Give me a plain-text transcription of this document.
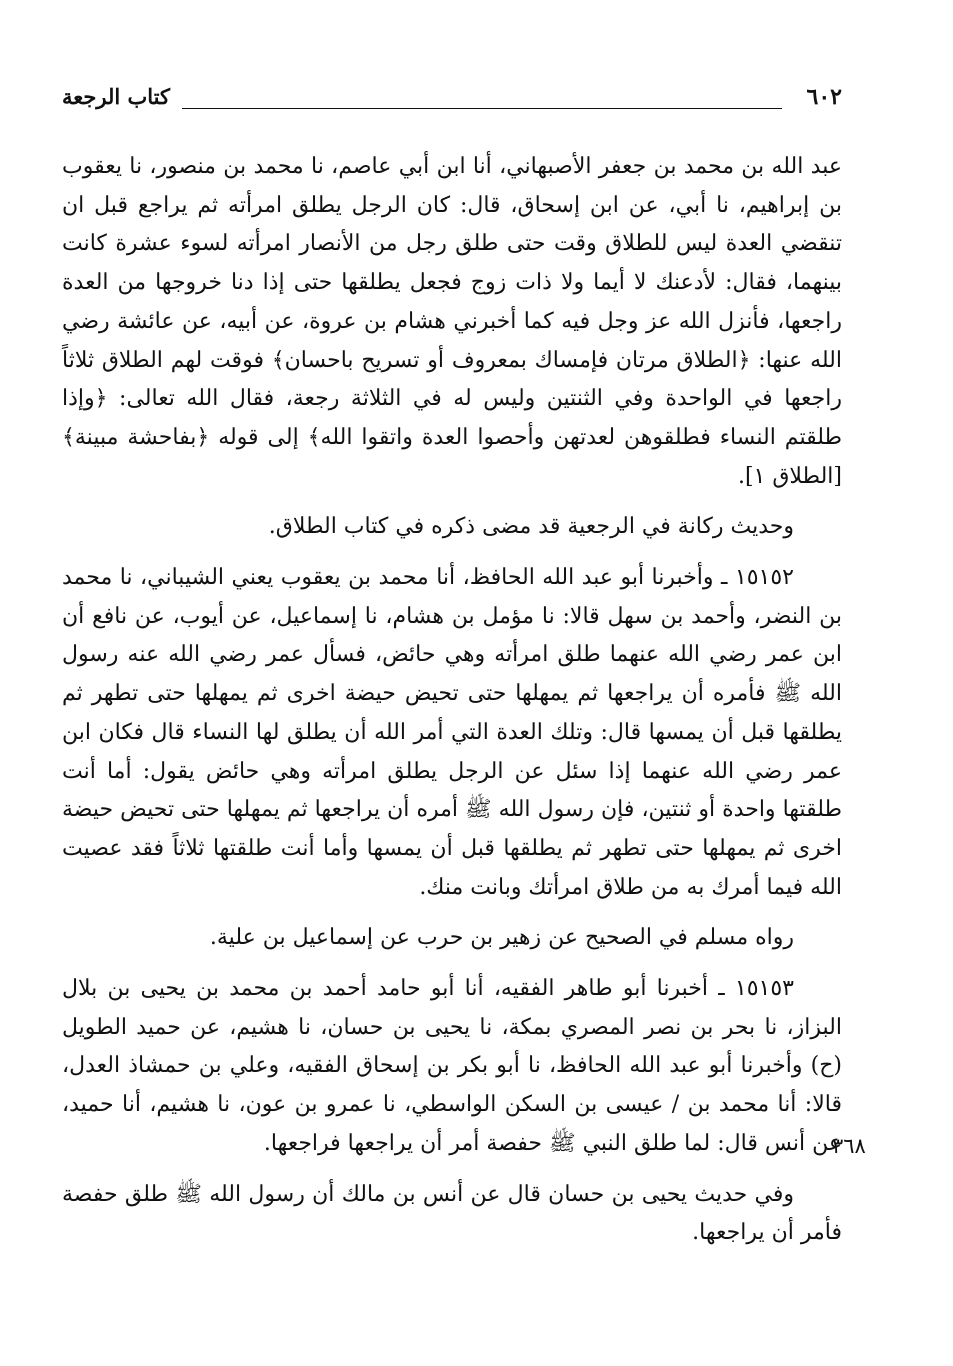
٦٠٢
كتاب الرجعة

عبد الله بن محمد بن جعفر الأصبهاني، أنا ابن أبي عاصم، نا محمد بن منصور، نا يعقوب بن إبراهيم، نا أبي، عن ابن إسحاق، قال: كان الرجل يطلق امرأته ثم يراجع قبل ان تنقضي العدة ليس للطلاق وقت حتى طلق رجل من الأنصار امرأته لسوء عشرة كانت بينهما، فقال: لأدعنك لا أيما ولا ذات زوج فجعل يطلقها حتى إذا دنا خروجها من العدة راجعها، فأنزل الله عز وجل فيه كما أخبرني هشام بن عروة، عن أبيه، عن عائشة رضي الله عنها: ﴿الطلاق مرتان فإمساك بمعروف أو تسريح باحسان﴾ فوقت لهم الطلاق ثلاثاً راجعها في الواحدة وفي الثنتين وليس له في الثلاثة رجعة، فقال الله تعالى: ﴿وإذا طلقتم النساء فطلقوهن لعدتهن وأحصوا العدة واتقوا الله﴾ إلى قوله ﴿بفاحشة مبينة﴾ [الطلاق ١].

وحديث ركانة في الرجعية قد مضى ذكره في كتاب الطلاق.

١٥١٥٢ ـ وأخبرنا أبو عبد الله الحافظ، أنا محمد بن يعقوب يعني الشيباني، نا محمد بن النضر، وأحمد بن سهل قالا: نا مؤمل بن هشام، نا إسماعيل، عن أيوب، عن نافع أن ابن عمر رضي الله عنهما طلق امرأته وهي حائض، فسأل عمر رضي الله عنه رسول الله ﷺ فأمره أن يراجعها ثم يمهلها حتى تحيض حيضة اخرى ثم يمهلها حتى تطهر ثم يطلقها قبل أن يمسها قال: وتلك العدة التي أمر الله أن يطلق لها النساء قال فكان ابن عمر رضي الله عنهما إذا سئل عن الرجل يطلق امرأته وهي حائض يقول: أما أنت طلقتها واحدة أو ثنتين، فإن رسول الله ﷺ أمره أن يراجعها ثم يمهلها حتى تحيض حيضة اخرى ثم يمهلها حتى تطهر ثم يطلقها قبل أن يمسها وأما أنت طلقتها ثلاثاً فقد عصيت الله فيما أمرك به من طلاق امرأتك وبانت منك.

رواه مسلم في الصحيح عن زهير بن حرب عن إسماعيل بن علية.

١٥١٥٣ ـ أخبرنا أبو طاهر الفقيه، أنا أبو حامد أحمد بن محمد بن يحيى بن بلال البزاز، نا بحر بن نصر المصري بمكة، نا يحيى بن حسان، نا هشيم، عن حميد الطويل (ح) وأخبرنا أبو عبد الله الحافظ، نا أبو بكر بن إسحاق الفقيه، وعلي بن حمشاذ العدل، قالا: أنا محمد بن / عيسى بن السكن الواسطي، نا عمرو بن عون، نا هشيم، أنا حميد، عن أنس قال: لما طلق النبي ﷺ حفصة أمر أن يراجعها فراجعها.

وفي حديث يحيى بن حسان قال عن أنس بن مالك أن رسول الله ﷺ طلق حفصة فأمر أن يراجعها.

٣٦٨
